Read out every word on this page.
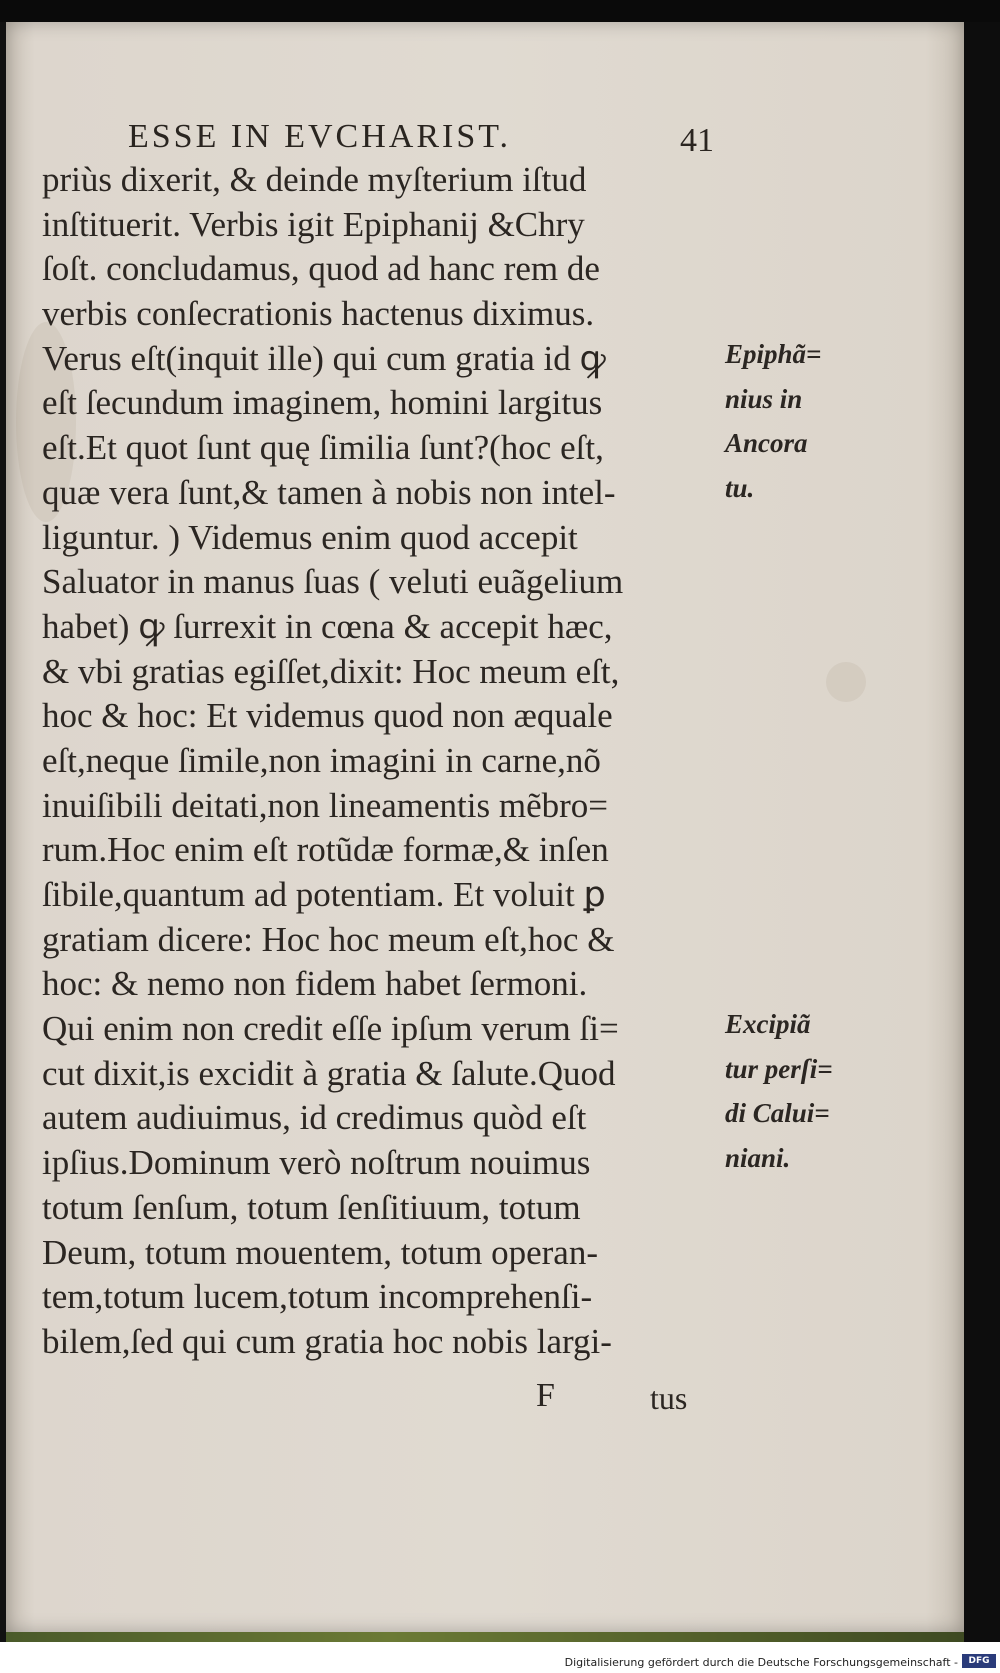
ESSE IN EVCHARIST.	41
priùs dixerit, & deinde myſterium iſtud
inſtituerit. Verbis igit Epiphanij &Chry
ſoſt. concludamus, quod ad hanc rem de
verbis conſecrationis hactenus diximus.
Verus eſt(inquit ille) qui cum gratia id ꝙ
eſt ſecundum imaginem, homini largitus
eſt.Et quot ſunt quę ſimilia ſunt?(hoc eſt,
quæ vera ſunt,& tamen à nobis non intel-
liguntur. ) Videmus enim quod accepit
Saluator in manus ſuas ( veluti euãgelium
habet) ꝙ ſurrexit in cœna & accepit hæc,
& vbi gratias egiſſet,dixit: Hoc meum eſt,
hoc & hoc: Et videmus quod non æquale
eſt,neque ſimile,non imagini in carne,nõ
inuiſibili deitati,non lineamentis mẽbro=
rum.Hoc enim eſt rotũdæ formæ,& inſen
ſibile,quantum ad potentiam. Et voluit ꝑ
gratiam dicere: Hoc hoc meum eſt,hoc &
hoc: & nemo non fidem habet ſermoni.
Qui enim non credit eſſe ipſum verum ſi=
cut dixit,is excidit à gratia & ſalute.Quod
autem audiuimus, id credimus quòd eſt
ipſius.Dominum verò noſtrum nouimus
totum ſenſum, totum ſenſitiuum, totum
Deum, totum mouentem, totum operan-
tem,totum lucem,totum incomprehenſi-
bilem,ſed qui cum gratia hoc nobis largi-
Epiphã=
nius in
Ancora
tu.
Excipiã
tur perſi=
di Calui=
niani.
F	tus
Digitalisierung gefördert durch die Deutsche Forschungsgemeinschaft -	DFG
